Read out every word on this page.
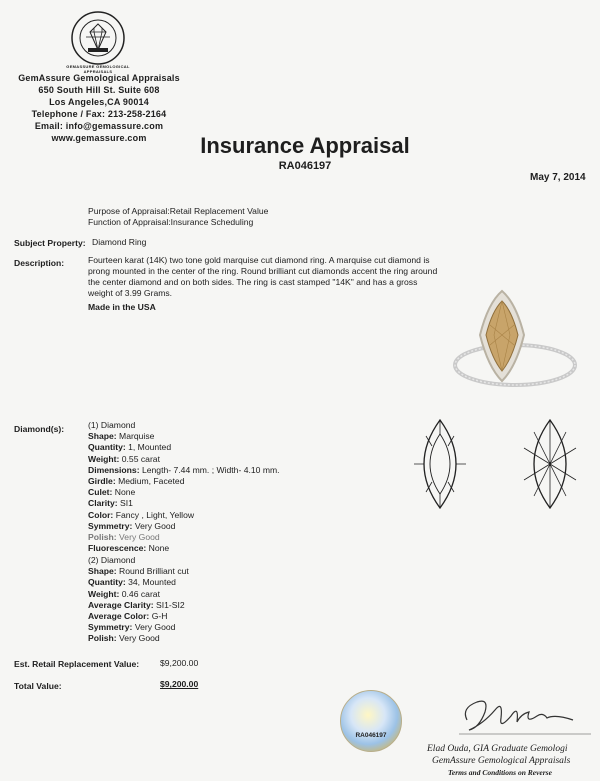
GEMASSURE GEMOLOGICAL APPRAISALS
GemAssure Gemological Appraisals
650 South Hill St. Suite 608
Los Angeles,CA 90014
Telephone / Fax: 213-258-2164
Email: info@gemassure.com
www.gemassure.com	Insurance Appraisal
RA046197
May 7, 2014
Purpose of Appraisal:Retail Replacement Value
Function of Appraisal:Insurance Scheduling
Subject Property: Diamond Ring
Description:	Fourteen karat (14K) two tone gold marquise cut diamond ring. A marquise cut diamond is prong mounted in the center of the ring. Round brilliant cut diamonds accent the ring around the center diamond and on both sides. The ring is cast stamped "14K" and has a gross weight of 3.99 Grams.
Made in the USA
Diamond(s):	(1) Diamond
Shape: Marquise
Quantity: 1, Mounted
Weight: 0.55 carat
Dimensions: Length- 7.44 mm. ; Width- 4.10 mm.
Girdle: Medium, Faceted
Culet: None
Clarity: SI1
Color: Fancy , Light, Yellow
Symmetry: Very Good
Polish: Very Good
Fluorescence: None
(2) Diamond
Shape: Round Brilliant cut
Quantity: 34, Mounted
Weight: 0.46 carat
Average Clarity: SI1-SI2
Average Color: G-H
Symmetry: Very Good
Polish: Very Good
Est. Retail Replacement Value: $9,200.00
Total Value:	$9,200.00
RA046197
Elad Ouda, GIA Graduate Gemologi
GemAssure Gemological Appraisals
Terms and Conditions on Reverse
